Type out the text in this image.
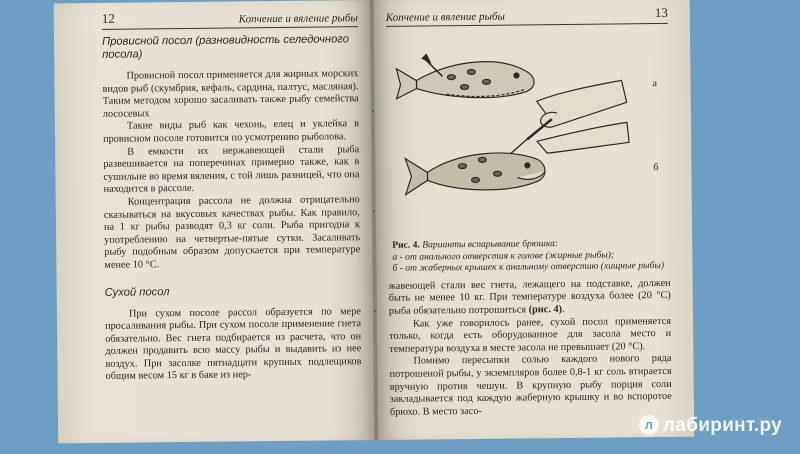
12	Копчение и вяление рыбы
Провисной посол (разновидность селедочного посола)

Провисной посол применяется для жирных морских видов рыб (скумбрия, кефаль, сардина, палтус, масляная). Таким методом хорошо засаливать также рыбу семейства лососевых

Такие виды рыб как чехонь, елец и уклейка в провисном посоле готовится по усмотрению рыболова.

В емкости их нержавеющей стали рыба развешивается на поперечинах примерно также, как в сушильне во время вяления, с той лишь разницей, что она находится в рассоле.

Концентрация рассола не должна отрицательно сказываться на вкусовых качествах рыбы. Как правило, на 1 кг рыбы разводят 0,3 кг соли. Рыба пригодна к употреблению на четвертые-пятые сутки. Засаливать рыбу подобным образом допускается при температуре менее 10 °С.

Сухой посол

При сухом посоле рассол образуется по мере просаливания рыбы. При сухом посоле применение гнета обязательно. Вес гнета подбирается из расчета, что он должен продавить всю массу рыбы и выдавить из нее воздух. При засолке пятнадцати крупных подлещиков общим весом 15 кг в баке из нер-

Копчение и вяление рыбы	13
а
б
Рис. 4. Варианты вспарывание брюшка:
а - от анального отверстия к голове (жирные рыбы);
б - от жаберных крышек к анальному отверстию (хищные рыбы)

жавеющей стали вес гнета, лежащего на подставке, должен быть не менее 10 кг. При температуре воздуха более (20 °С) рыба обязательно потрошиться (рис. 4).

Как уже говорилось ранее, сухой посол применяется только, когда есть оборудованное для засола место и температура воздуха в месте засола не превышает (20 °С).

Помимо пересыпки солью каждого нового ряда потрошеной рыбы, у экземпляров более 0,8-1 кг соль втирается вручную против чешуи. В крупную рыбу порция соли закладывается под каждую жаберную крышку и во вспоротое брюхо. В место засо-

л лабиринт.ру
